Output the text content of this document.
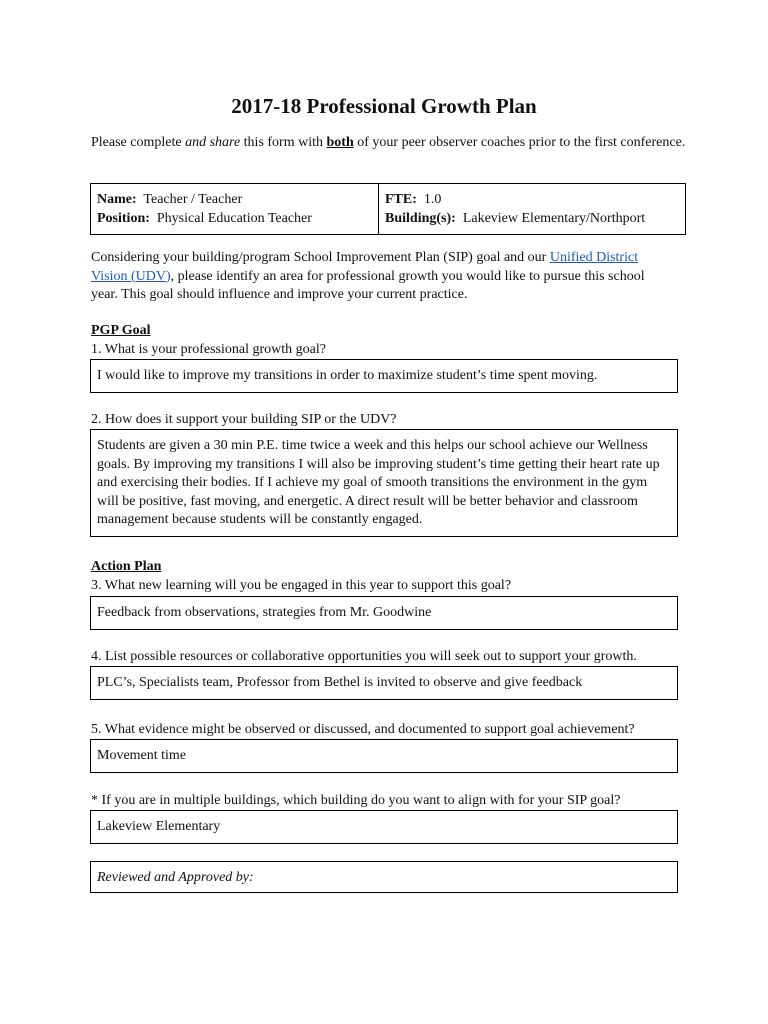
2017-18 Professional Growth Plan
Please complete and share this form with both of your peer observer coaches prior to the first conference.
Name: Teacher / Teacher
Position: Physical Education Teacher
FTE: 1.0
Building(s): Lakeview Elementary/Northport
Considering your building/program School Improvement Plan (SIP) goal and our Unified District Vision (UDV), please identify an area for professional growth you would like to pursue this school year. This goal should influence and improve your current practice.
PGP Goal
1. What is your professional growth goal?
I would like to improve my transitions in order to maximize student’s time spent moving.
2. How does it support your building SIP or the UDV?
Students are given a 30 min P.E. time twice a week and this helps our school achieve our Wellness goals. By improving my transitions I will also be improving student’s time getting their heart rate up and exercising their bodies. If I achieve my goal of smooth transitions the environment in the gym will be positive, fast moving, and energetic. A direct result will be better behavior and classroom management because students will be constantly engaged.
Action Plan
3. What new learning will you be engaged in this year to support this goal?
Feedback from observations, strategies from Mr. Goodwine
4. List possible resources or collaborative opportunities you will seek out to support your growth.
PLC’s, Specialists team, Professor from Bethel is invited to observe and give feedback
5. What evidence might be observed or discussed, and documented to support goal achievement?
Movement time
* If you are in multiple buildings, which building do you want to align with for your SIP goal?
Lakeview Elementary
Reviewed and Approved by:
